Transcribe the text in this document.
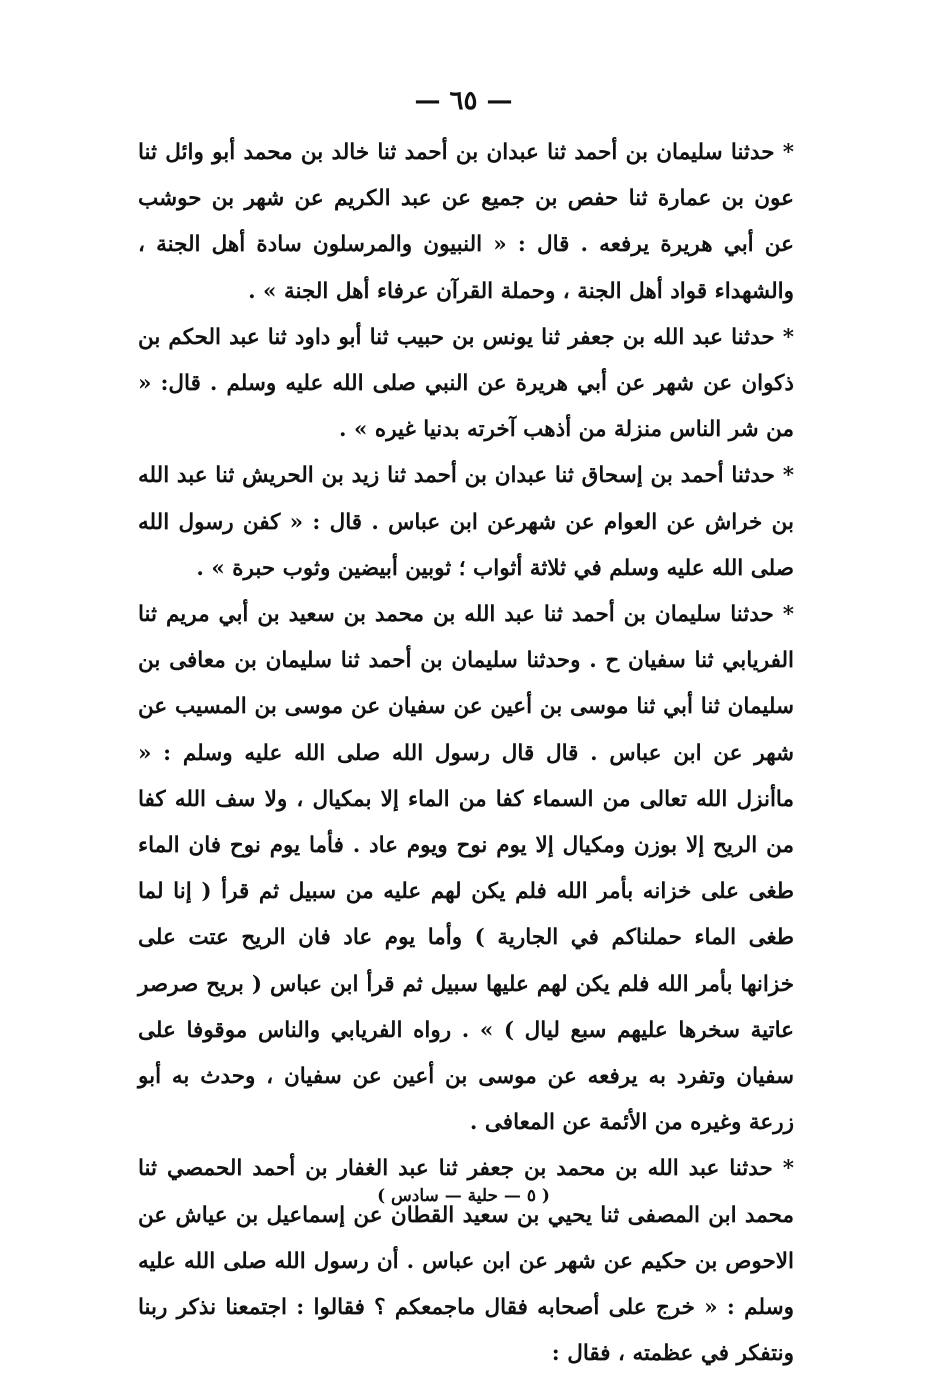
— ٦٥ —

* حدثنا سليمان بن أحمد ثنا عبدان بن أحمد ثنا خالد بن محمد أبو وائل ثنا عون بن عمارة ثنا حفص بن جميع عن عبد الكريم عن شهر بن حوشب عن أبي هريرة يرفعه . قال : « النبيون والمرسلون سادة أهل الجنة ، والشهداء قواد أهل الجنة ، وحملة القرآن عرفاء أهل الجنة » .

* حدثنا عبد الله بن جعفر ثنا يونس بن حبيب ثنا أبو داود ثنا عبد الحكم بن ذكوان عن شهر عن أبي هريرة عن النبي صلى الله عليه وسلم . قال: « من شر الناس منزلة من أذهب آخرته بدنيا غيره » .

* حدثنا أحمد بن إسحاق ثنا عبدان بن أحمد ثنا زيد بن الحريش ثنا عبد الله بن خراش عن العوام عن شهرعن ابن عباس . قال : « كفن رسول الله صلى الله عليه وسلم في ثلاثة أثواب ؛ ثوبين أبيضين وثوب حبرة » .

* حدثنا سليمان بن أحمد ثنا عبد الله بن محمد بن سعيد بن أبي مريم ثنا الفريابي ثنا سفيان ح . وحدثنا سليمان بن أحمد ثنا سليمان بن معافى بن سليمان ثنا أبي ثنا موسى بن أعين عن سفيان عن موسى بن المسيب عن شهر عن ابن عباس . قال قال رسول الله صلى الله عليه وسلم : « ماأنزل الله تعالى من السماء كفا من الماء إلا بمكيال ، ولا سف الله كفا من الريح إلا بوزن ومكيال إلا يوم نوح ويوم عاد . فأما يوم نوح فان الماء طغى على خزانه بأمر الله فلم يكن لهم عليه من سبيل ثم قرأ ( إنا لما طغى الماء حملناكم في الجارية ) وأما يوم عاد فان الريح عتت على خزانها بأمر الله فلم يكن لهم عليها سبيل ثم قرأ ابن عباس ( بريح صرصر عاتية سخرها عليهم سبع ليال ) » . رواه الفريابي والناس موقوفا على سفيان وتفرد به يرفعه عن موسى بن أعين عن سفيان ، وحدث به أبو زرعة وغيره من الأئمة عن المعافى .

* حدثنا عبد الله بن محمد بن جعفر ثنا عبد الغفار بن أحمد الحمصي ثنا محمد ابن المصفى ثنا يحيي بن سعيد القطان عن إسماعيل بن عياش عن الاحوص بن حكيم عن شهر عن ابن عباس . أن رسول الله صلى الله عليه وسلم : « خرج على أصحابه فقال ماجمعكم ؟ فقالوا : اجتمعنا نذكر ربنا ونتفكر في عظمته ، فقال :

( ٥ — حلية — سادس )
